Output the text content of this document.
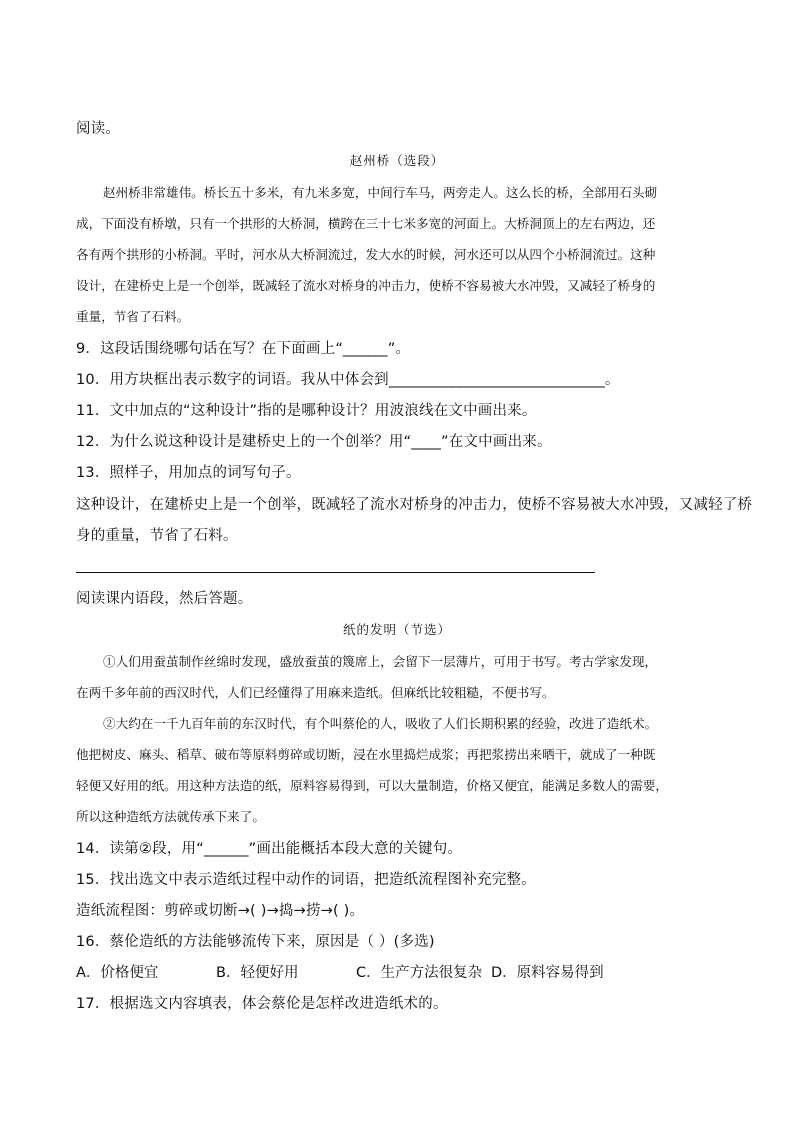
阅读。
赵州桥（选段）
赵州桥非常雄伟。桥长五十多米，有九米多宽，中间行车马，两旁走人。这么长的桥，全部用石头砌
成，下面没有桥墩，只有一个拱形的大桥洞，横跨在三十七米多宽的河面上。大桥洞顶上的左右两边，还
各有两个拱形的小桥洞。平时，河水从大桥洞流过，发大水的时候，河水还可以从四个小桥洞流过。这种
设计，在建桥史上是一个创举，既减轻了流水对桥身的冲击力，使桥不容易被大水冲毁，又减轻了桥身的
重量，节省了石料。
9．这段话围绕哪句话在写？在下面画上“______”。
10．用方块框出表示数字的词语。我从中体会到_____________________________。
11．文中加点的“这种设计”指的是哪种设计？用波浪线在文中画出来。
12．为什么说这种设计是建桥史上的一个创举？用“____”在文中画出来。
13．照样子，用加点的词写句子。
这种设计，在建桥史上是一个创举，既减轻了流水对桥身的冲击力，使桥不容易被大水冲毁，又减轻了桥
身的重量，节省了石料。
阅读课内语段，然后答题。
纸的发明（节选）
①人们用蚕茧制作丝绵时发现，盛放蚕茧的篾席上，会留下一层薄片，可用于书写。考古学家发现，
在两千多年前的西汉时代，人们已经懂得了用麻来造纸。但麻纸比较粗糙，不便书写。
②大约在一千九百年前的东汉时代，有个叫蔡伦的人，吸收了人们长期积累的经验，改进了造纸术。
他把树皮、麻头、稻草、破布等原料剪碎或切断，浸在水里捣烂成浆；再把浆捞出来晒干，就成了一种既
轻便又好用的纸。用这种方法造的纸，原料容易得到，可以大量制造，价格又便宜，能满足多数人的需要，
所以这种造纸方法就传承下来了。
14．读第②段，用“______”画出能概括本段大意的关键句。
15．找出选文中表示造纸过程中动作的词语，把造纸流程图补充完整。
造纸流程图：剪碎或切断→( )→捣→捞→( )。
16．蔡伦造纸的方法能够流传下来，原因是（ ）(多选)
A．价格便宜	B．轻便好用	C．生产方法很复杂 D．原料容易得到
17．根据选文内容填表，体会蔡伦是怎样改进造纸术的。
